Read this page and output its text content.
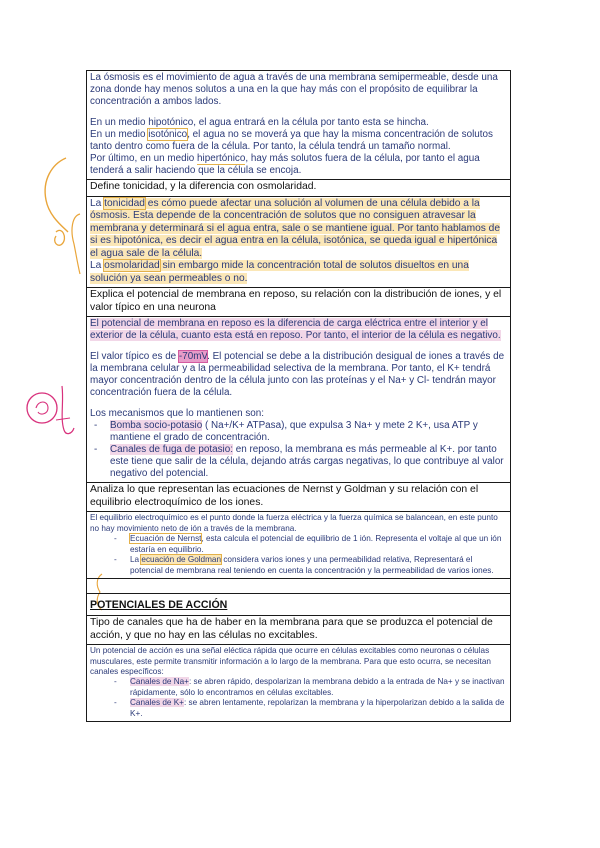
La ósmosis es el movimiento de agua a través de una membrana semipermeable, desde una zona donde hay menos solutos a una en la que hay más con el propósito de equilibrar la concentración a ambos lados.

En un medio hipotónico, el agua entrará en la célula por tanto esta se hincha.

En un medio isotónico, el agua no se moverá ya que hay la misma concentración de solutos tanto dentro como fuera de la célula. Por tanto, la célula tendrá un tamaño normal.

Por último, en un medio hipertónico, hay más solutos fuera de la célula, por tanto el agua tenderá a salir haciendo que la célula se encoja.

Define tonicidad, y la diferencia con osmolaridad.

La tonicidad es cómo puede afectar una solución al volumen de una célula debido a la ósmosis. Esta depende de la concentración de solutos que no consiguen atravesar la membrana y determinará si el agua entra, sale o se mantiene igual. Por tanto hablamos de si es hipotónica, es decir el agua entra en la célula, isotónica, se queda igual e hipertónica el agua sale de la célula.

La osmolaridad sin embargo mide la concentración total de solutos disueltos en una solución ya sean permeables o no.

Explica el potencial de membrana en reposo, su relación con la distribución de iones, y el valor típico en una neurona

El potencial de membrana en reposo es la diferencia de carga eléctrica entre el interior y el exterior de la célula, cuanto esta está en reposo. Por tanto, el interior de la célula es negativo.

El valor típico es de -70mV. El potencial se debe a la distribución desigual de iones a través de la membrana celular y a la permeabilidad selectiva de la membrana. Por tanto, el K+ tendrá mayor concentración dentro de la célula junto con las proteínas y el Na+ y Cl- tendrán mayor concentración fuera de la célula.

Los mecanismos que lo mantienen son:

- Bomba socio-potasio ( Na+/K+ ATPasa), que expulsa 3 Na+ y mete 2 K+, usa ATP y mantiene el grado de concentración.
- Canales de fuga de potasio: en reposo, la membrana es más permeable al K+. por tanto este tiene que salir de la célula, dejando atrás cargas negativas, lo que contribuye al valor negativo del potencial.

Analiza lo que representan las ecuaciones de Nernst y Goldman y su relación con el equilibrio electroquímico de los iones.

El equilibrio electroquímico es el punto donde la fuerza eléctrica y la fuerza química se balancean, en este punto no hay movimiento neto de ión a través de la membrana.

- Ecuación de Nernst, esta calcula el potencial de equilibrio de 1 ión. Representa el voltaje al que un ión estaría en equilibrio.
- La ecuación de Goldman considera varios iones y una permeabilidad relativa, Representará el potencial de membrana real teniendo en cuenta la concentración y la permeabilidad de varios iones.

POTENCIALES DE ACCIÓN
Tipo de canales que ha de haber en la membrana para que se produzca el potencial de acción, y que no hay en las células no excitables.

Un potencial de acción es una señal eléctica rápida que ocurre en células excitables como neuronas o células musculares, este permite transmitir información a lo largo de la membrana. Para que esto ocurra, se necesitan canales específicos:

- Canales de Na+: se abren rápido, despolarizan la membrana debido a la entrada de Na+ y se inactivan rápidamente, sólo lo encontramos en células excitables.
- Canales de K+: se abren lentamente, repolarizan la membrana y la hiperpolarizan debido a la salida de K+.
